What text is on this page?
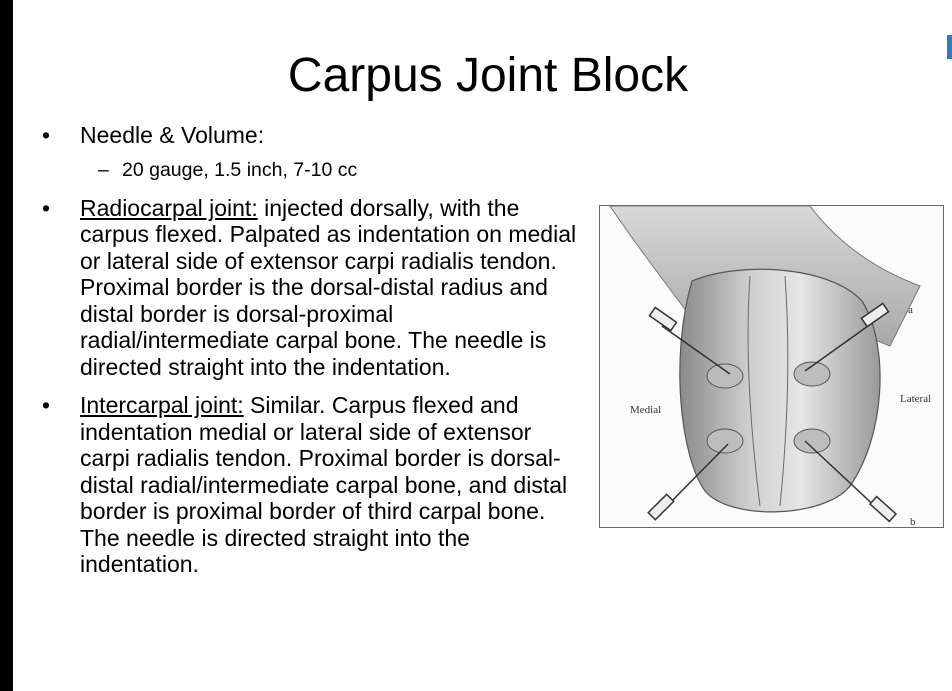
Carpus Joint Block
•	Needle & Volume:
– 20 gauge, 1.5 inch, 7-10 cc
•	Radiocarpal joint: injected dorsally, with the carpus flexed. Palpated as indentation on medial or lateral side of extensor carpi radialis tendon. Proximal border is the dorsal-distal radius and distal border is dorsal-proximal radial/intermediate carpal bone. The needle is directed straight into the indentation.
•	Intercarpal joint: Similar. Carpus flexed and indentation medial or lateral side of extensor carpi radialis tendon. Proximal border is dorsal-distal radial/intermediate carpal bone, and distal border is proximal border of third carpal bone. The needle is directed straight into the indentation.
Medial
Lateral
a
b
